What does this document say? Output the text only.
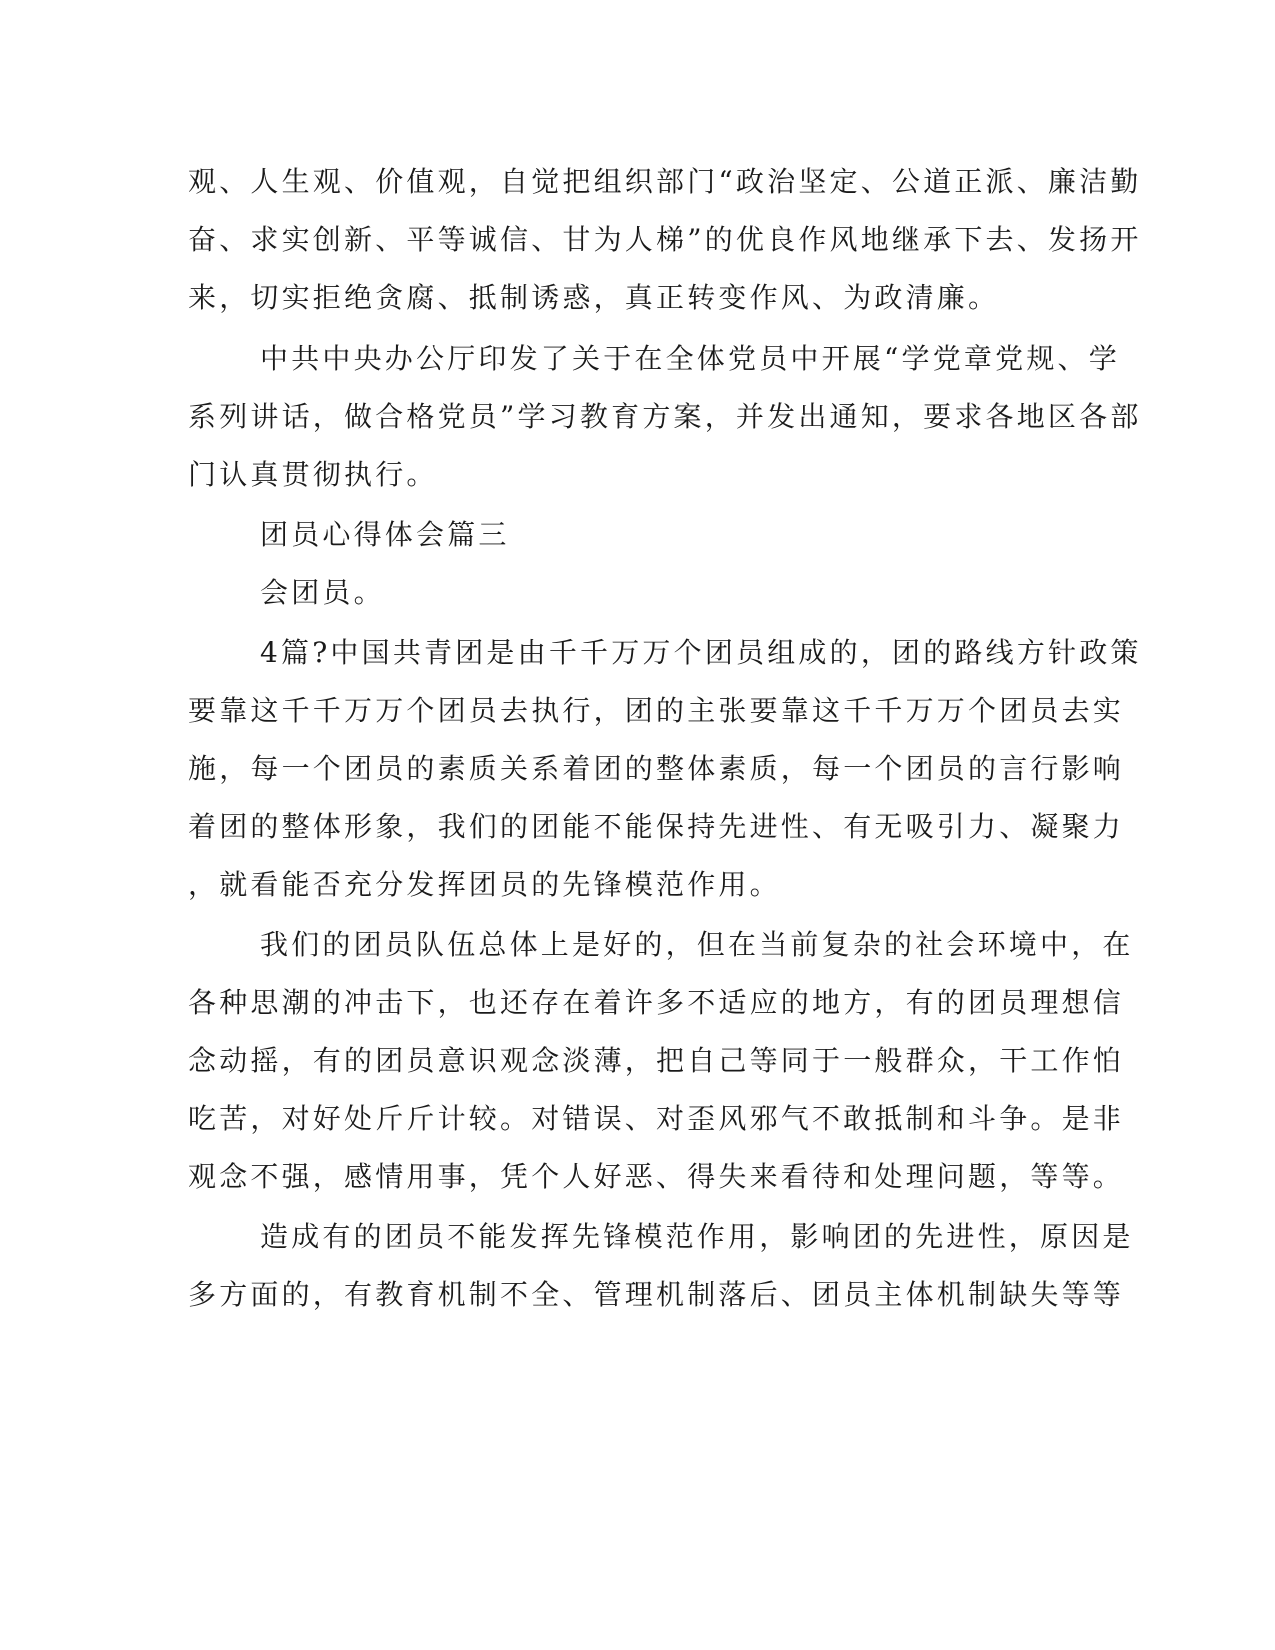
观、人生观、价值观，自觉把组织部门“政治坚定、公道正派、廉洁勤
奋、求实创新、平等诚信、甘为人梯”的优良作风地继承下去、发扬开
来，切实拒绝贪腐、抵制诱惑，真正转变作风、为政清廉。
中共中央办公厅印发了关于在全体党员中开展“学党章党规、学
系列讲话，做合格党员”学习教育方案，并发出通知，要求各地区各部
门认真贯彻执行。
团员心得体会篇三
会团员。
4篇?中国共青团是由千千万万个团员组成的，团的路线方针政策
要靠这千千万万个团员去执行，团的主张要靠这千千万万个团员去实
施，每一个团员的素质关系着团的整体素质，每一个团员的言行影响
着团的整体形象，我们的团能不能保持先进性、有无吸引力、凝聚力
，就看能否充分发挥团员的先锋模范作用。
我们的团员队伍总体上是好的，但在当前复杂的社会环境中，在
各种思潮的冲击下，也还存在着许多不适应的地方，有的团员理想信
念动摇，有的团员意识观念淡薄，把自己等同于一般群众，干工作怕
吃苦，对好处斤斤计较。对错误、对歪风邪气不敢抵制和斗争。是非
观念不强，感情用事，凭个人好恶、得失来看待和处理问题，等等。
造成有的团员不能发挥先锋模范作用，影响团的先进性，原因是
多方面的，有教育机制不全、管理机制落后、团员主体机制缺失等等
